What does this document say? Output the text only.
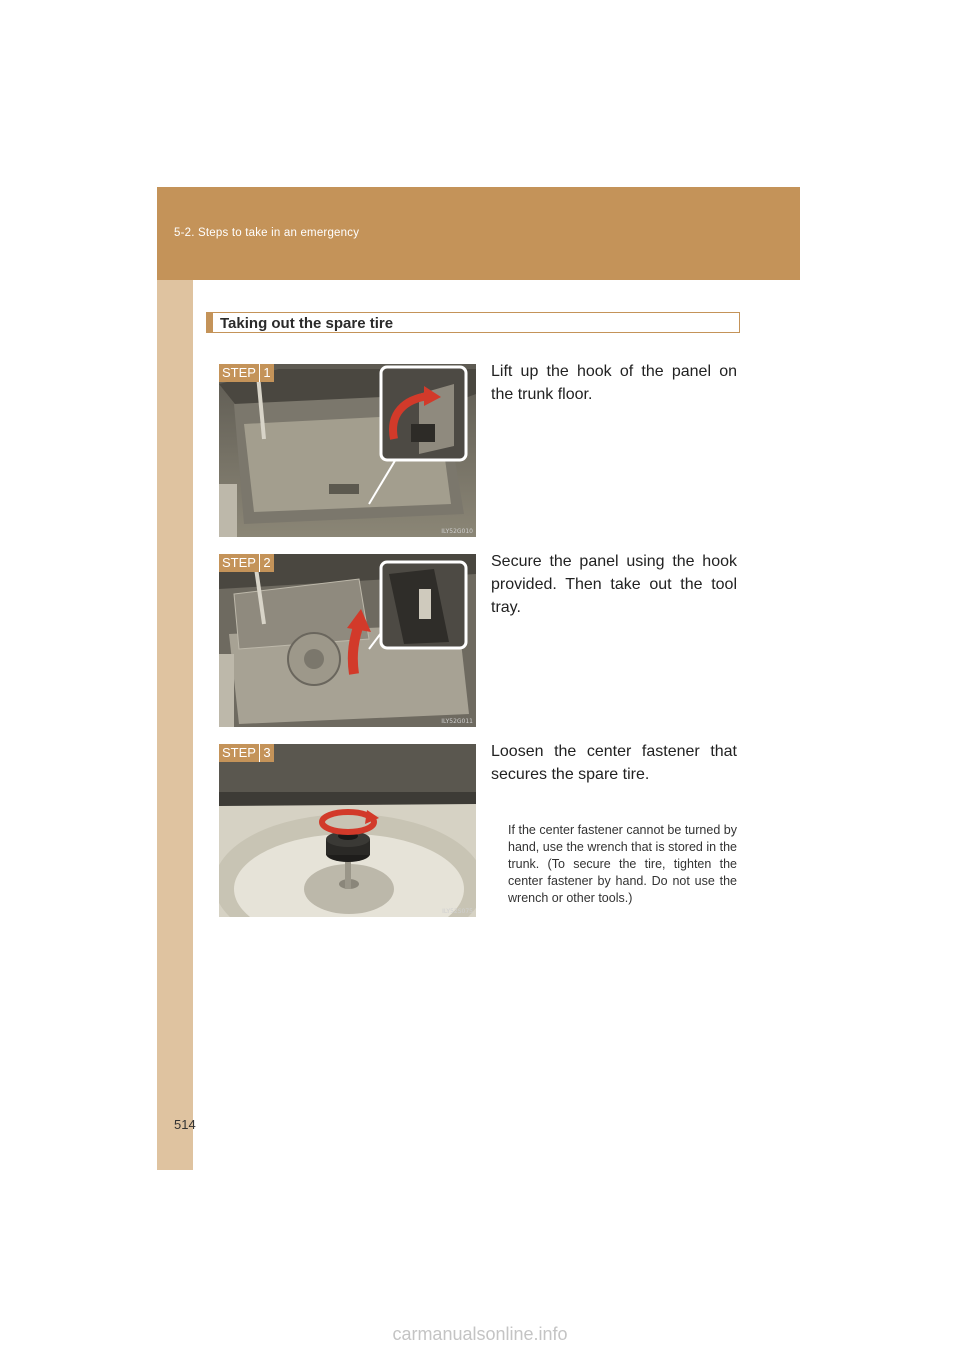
5-2. Steps to take in an emergency
Taking out the spare tire
STEP 1
ILY52G010
Lift up the hook of the panel on the trunk floor.
STEP 2
ILY52G011
Secure the panel using the hook provided. Then take out the tool tray.
STEP 3
ILY52S075
Loosen the center fastener that secures the spare tire.
If the center fastener cannot be turned by hand, use the wrench that is stored in the trunk. (To secure the tire, tighten the center fastener by hand. Do not use the wrench or other tools.)
514
carmanualsonline.info
